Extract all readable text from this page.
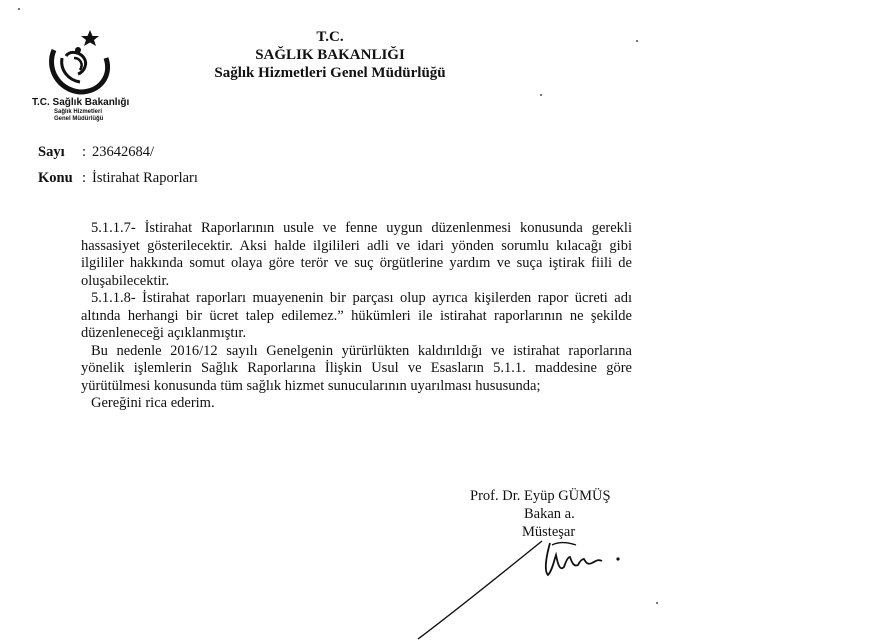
T.C. Sağlık Bakanlığı
Sağlık Hizmetleri
Genel Müdürlüğü
T.C.
SAĞLIK BAKANLIĞI
Sağlık Hizmetleri Genel Müdürlüğü
Sayı : 23642684/
Konu : İstirahat Raporları

5.1.1.7- İstirahat Raporlarının usule ve fenne uygun düzenlenmesi konusunda gerekli hassasiyet gösterilecektir. Aksi halde ilgilileri adli ve idari yönden sorumlu kılacağı gibi ilgililer hakkında somut olaya göre terör ve suç örgütlerine yardım ve suça iştirak fiili de oluşabilecektir.

5.1.1.8- İstirahat raporları muayenenin bir parçası olup ayrıca kişilerden rapor ücreti adı altında herhangi bir ücret talep edilemez.” hükümleri ile istirahat raporlarının ne şekilde düzenleneceği açıklanmıştır.

Bu nedenle 2016/12 sayılı Genelgenin yürürlükten kaldırıldığı ve istirahat raporlarına yönelik işlemlerin Sağlık Raporlarına İlişkin Usul ve Esasların 5.1.1. maddesine göre yürütülmesi konusunda tüm sağlık hizmet sunucularının uyarılması hususunda;

Gereğini rica ederim.

Prof. Dr. Eyüp GÜMÜŞ
Bakan a.
Müsteşar
